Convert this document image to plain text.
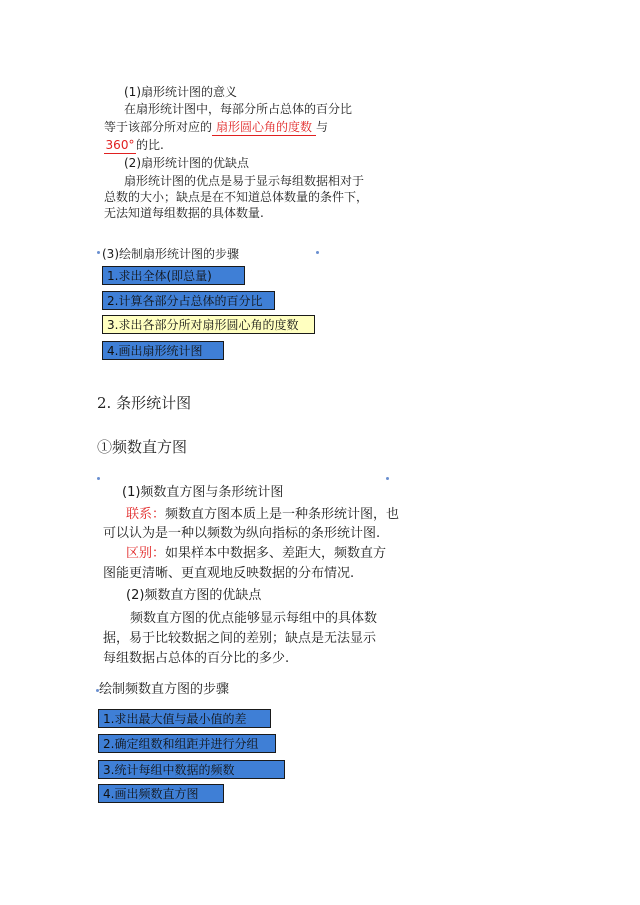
(1)扇形统计图的意义
在扇形统计图中，每部分所占总体的百分比
等于该部分所对应的 扇形圆心角的度数 与
360° 的比.
(2)扇形统计图的优缺点
扇形统计图的优点是易于显示每组数据相对于
总数的大小；缺点是在不知道总体数量的条件下，
无法知道每组数据的具体数量.
(3)绘制扇形统计图的步骤
1.求出全体(即总量)
2.计算各部分占总体的百分比
3.求出各部分所对扇形圆心角的度数
4.画出扇形统计图
2. 条形统计图
①频数直方图
(1)频数直方图与条形统计图
联系：频数直方图本质上是一种条形统计图，也
可以认为是一种以频数为纵向指标的条形统计图.
区别：如果样本中数据多、差距大，频数直方
图能更清晰、更直观地反映数据的分布情况.
(2)频数直方图的优缺点
频数直方图的优点能够显示每组中的具体数
据，易于比较数据之间的差别；缺点是无法显示
每组数据占总体的百分比的多少.
绘制频数直方图的步骤
1.求出最大值与最小值的差
2.确定组数和组距并进行分组
3.统计每组中数据的频数
4.画出频数直方图
